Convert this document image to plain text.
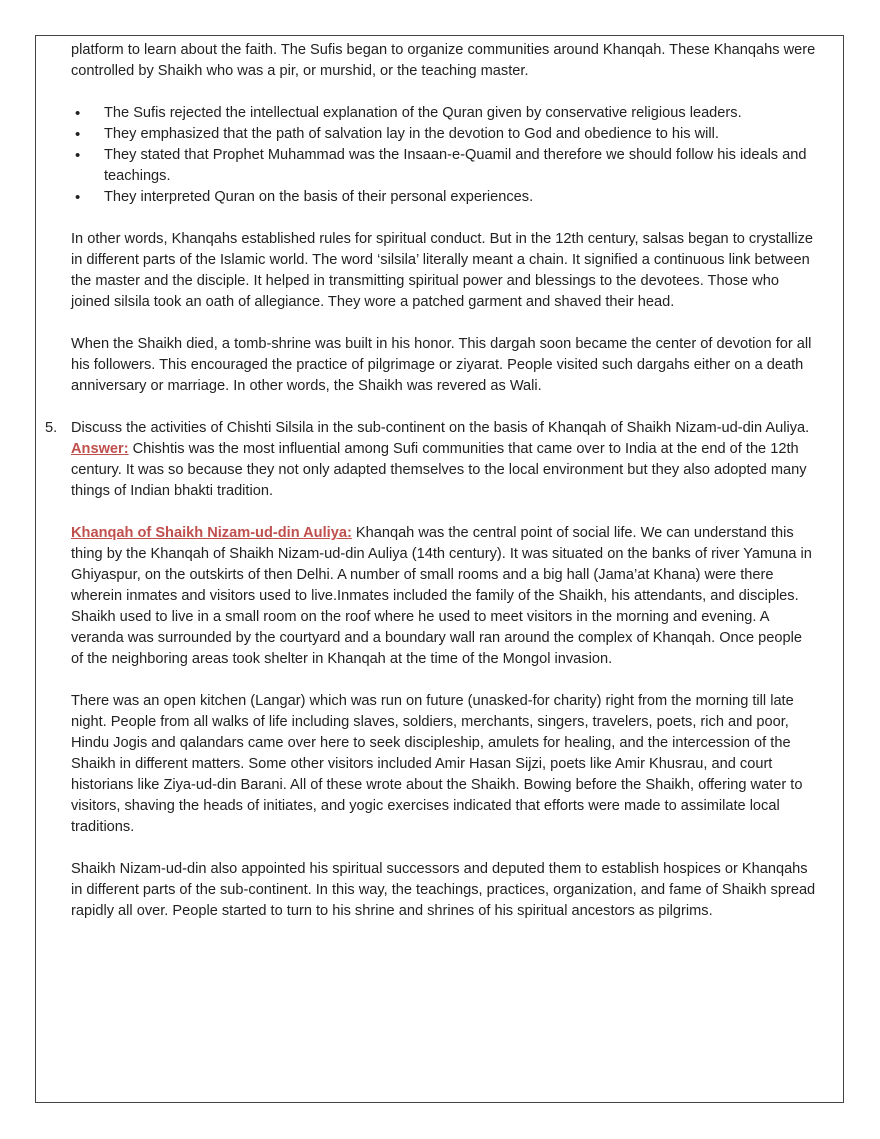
platform to learn about the faith. The Sufis began to organize communities around Khanqah. These Khanqahs were controlled by Shaikh who was a pir, or murshid, or the teaching master.

• The Sufis rejected the intellectual explanation of the Quran given by conservative religious leaders.
• They emphasized that the path of salvation lay in the devotion to God and obedience to his will.
• They stated that Prophet Muhammad was the Insaan-e-Quamil and therefore we should follow his ideals and teachings.
• They interpreted Quran on the basis of their personal experiences.

In other words, Khanqahs established rules for spiritual conduct. But in the 12th century, salsas began to crystallize in different parts of the Islamic world. The word ‘silsila’ literally meant a chain. It signified a continuous link between the master and the disciple. It helped in transmitting spiritual power and blessings to the devotees. Those who joined silsila took an oath of allegiance. They wore a patched garment and shaved their head.

When the Shaikh died, a tomb-shrine was built in his honor. This dargah soon became the center of devotion for all his followers. This encouraged the practice of pilgrimage or ziyarat. People visited such dargahs either on a death anniversary or marriage. In other words, the Shaikh was revered as Wali.

5. Discuss the activities of Chishti Silsila in the sub-continent on the basis of Khanqah of Shaikh Nizam-ud-din Auliya.

Answer: Chishtis was the most influential among Sufi communities that came over to India at the end of the 12th century. It was so because they not only adapted themselves to the local environment but they also adopted many things of Indian bhakti tradition.

Khanqah of Shaikh Nizam-ud-din Auliya: Khanqah was the central point of social life. We can understand this thing by the Khanqah of Shaikh Nizam-ud-din Auliya (14th century). It was situated on the banks of river Yamuna in Ghiyaspur, on the outskirts of then Delhi. A number of small rooms and a big hall (Jama’at Khana) were there wherein inmates and visitors used to live.Inmates included the family of the Shaikh, his attendants, and disciples. Shaikh used to live in a small room on the roof where he used to meet visitors in the morning and evening. A veranda was surrounded by the courtyard and a boundary wall ran around the complex of Khanqah. Once people of the neighboring areas took shelter in Khanqah at the time of the Mongol invasion.

There was an open kitchen (Langar) which was run on future (unasked-for charity) right from the morning till late night. People from all walks of life including slaves, soldiers, merchants, singers, travelers, poets, rich and poor, Hindu Jogis and qalandars came over here to seek discipleship, amulets for healing, and the intercession of the Shaikh in different matters. Some other visitors included Amir Hasan Sijzi, poets like Amir Khusrau, and court historians like Ziya-ud-din Barani. All of these wrote about the Shaikh. Bowing before the Shaikh, offering water to visitors, shaving the heads of initiates, and yogic exercises indicated that efforts were made to assimilate local traditions.

Shaikh Nizam-ud-din also appointed his spiritual successors and deputed them to establish hospices or Khanqahs in different parts of the sub-continent. In this way, the teachings, practices, organization, and fame of Shaikh spread rapidly all over. People started to turn to his shrine and shrines of his spiritual ancestors as pilgrims.
